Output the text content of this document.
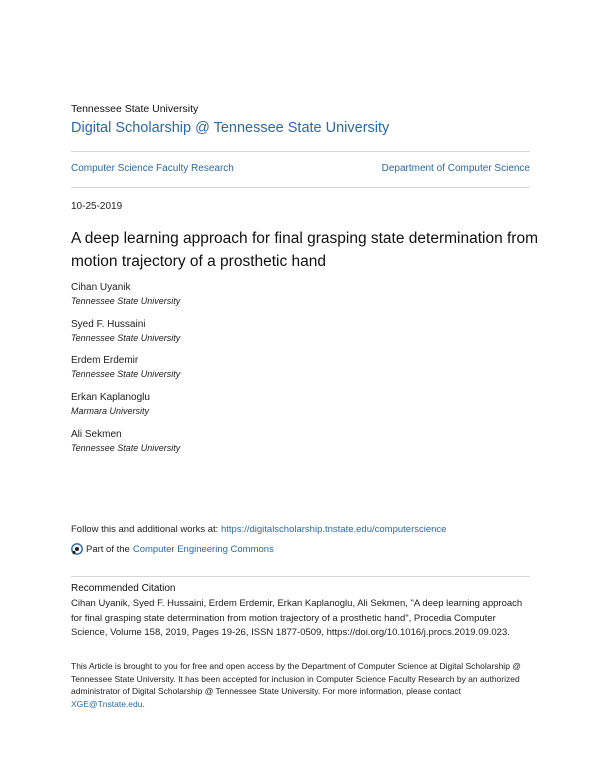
Tennessee State University
Digital Scholarship @ Tennessee State University
Computer Science Faculty Research	Department of Computer Science
10-25-2019
A deep learning approach for final grasping state determination from motion trajectory of a prosthetic hand
Cihan Uyanik
Tennessee State University
Syed F. Hussaini
Tennessee State University
Erdem Erdemir
Tennessee State University
Erkan Kaplanoglu
Marmara University
Ali Sekmen
Tennessee State University
Follow this and additional works at: https://digitalscholarship.tnstate.edu/computerscience
Part of the Computer Engineering Commons
Recommended Citation
Cihan Uyanik, Syed F. Hussaini, Erdem Erdemir, Erkan Kaplanoglu, Ali Sekmen, "A deep learning approach for final grasping state determination from motion trajectory of a prosthetic hand", Procedia Computer Science, Volume 158, 2019, Pages 19-26, ISSN 1877-0509, https://doi.org/10.1016/j.procs.2019.09.023.
This Article is brought to you for free and open access by the Department of Computer Science at Digital Scholarship @ Tennessee State University. It has been accepted for inclusion in Computer Science Faculty Research by an authorized administrator of Digital Scholarship @ Tennessee State University. For more information, please contact XGE@Tnstate.edu.
